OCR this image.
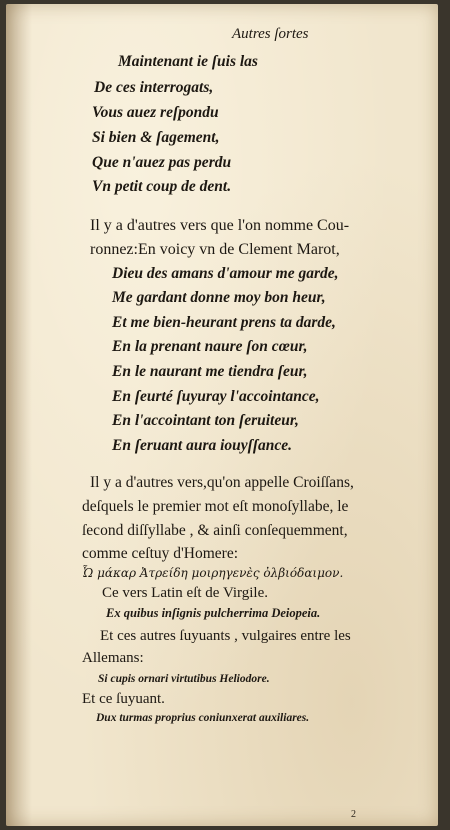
Autres ſortes
Maintenant ie ſuis las
De ces interrogats,
Vous auez reſpondu
Si bien & ſagement,
Que n'auez pas perdu
Vn petit coup de dent.
Il y a d'autres vers que l'on nomme Cou-
ronnez:En voicy vn de Clement Marot,
Dieu des amans d'amour me garde,
Me gardant donne moy bon heur,
Et me bien-heurant prens ta darde,
En la prenant naure ſon cœur,
En le naurant me tiendra ſeur,
En ſeurté ſuyuray l'accointance,
En l'accointant ton ſeruiteur,
En ſeruant aura iouyſſance.
Il y a d'autres vers,qu'on appelle Croiſſans,
deſquels le premier mot eſt monoſyllabe, le
ſecond diſſyllabe , & ainſi conſequemment,
comme ceſtuy d'Homere:
Ὦ μάκαρ Ἀτρείδη μοιρηγενὲς ὀλβιόδαιμον.
Ce vers Latin eſt de Virgile.
Ex quibus inſignis pulcherrima Deiopeia.
Et ces autres ſuyuants , vulgaires entre les
Allemans:
Si cupis ornari virtutibus Heliodore.
Et ce ſuyuant.
Dux turmas proprius coniunxerat auxiliares.
2
